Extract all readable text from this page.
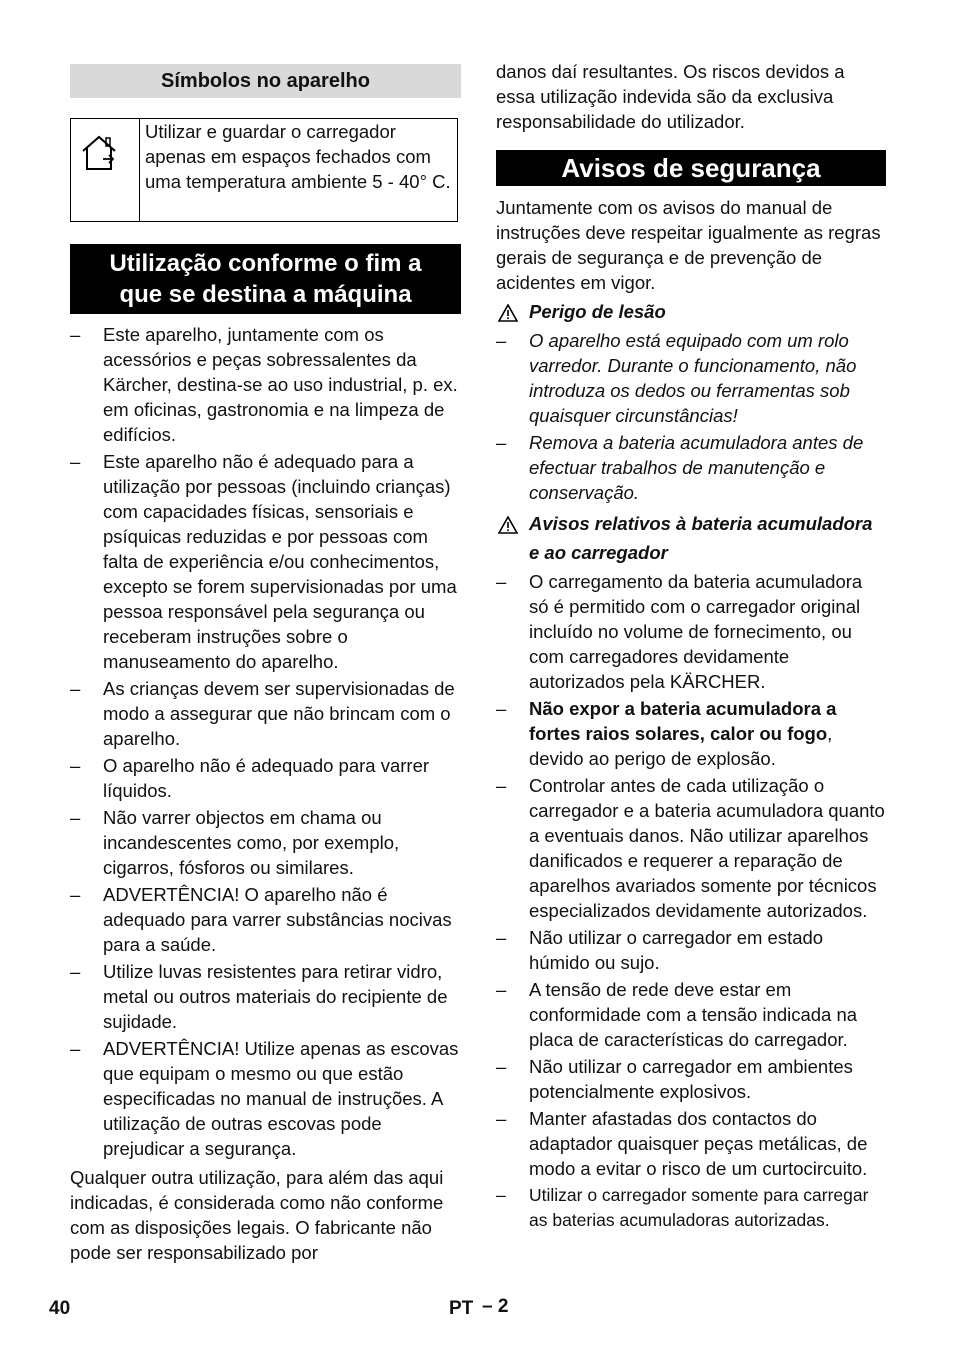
Símbolos no aparelho
Utilizar e guardar o carregador apenas em espaços fechados com uma temperatura ambiente 5 - 40° C.
Utilização conforme o fim a
que se destina a máquina
– Este aparelho, juntamente com os acessórios e peças sobressalentes da Kärcher, destina-se ao uso industrial, p. ex. em oficinas, gastronomia e na limpeza de edifícios.
– Este aparelho não é adequado para a utilização por pessoas (incluindo crianças) com capacidades físicas, sensoriais e psíquicas reduzidas e por pessoas com falta de experiência e/ou conhecimentos, excepto se forem supervisionadas por uma pessoa responsável pela segurança ou receberam instruções sobre o manuseamento do aparelho.
– As crianças devem ser supervisionadas de modo a assegurar que não brincam com o aparelho.
– O aparelho não é adequado para varrer líquidos.
– Não varrer objectos em chama ou incandescentes como, por exemplo, cigarros, fósforos ou similares.
– ADVERTÊNCIA! O aparelho não é adequado para varrer substâncias nocivas para a saúde.
– Utilize luvas resistentes para retirar vidro, metal ou outros materiais do recipiente de sujidade.
– ADVERTÊNCIA! Utilize apenas as escovas que equipam o mesmo ou que estão especificadas no manual de instruções. A utilização de outras escovas pode prejudicar a segurança.
Qualquer outra utilização, para além das aqui indicadas, é considerada como não conforme com as disposições legais. O fabricante não pode ser responsabilizado por
danos daí resultantes. Os riscos devidos a essa utilização indevida são da exclusiva responsabilidade do utilizador.
Avisos de segurança
Juntamente com os avisos do manual de instruções deve respeitar igualmente as regras gerais de segurança e de prevenção de acidentes em vigor.
Perigo de lesão
– O aparelho está equipado com um rolo varredor. Durante o funcionamento, não introduza os dedos ou ferramentas sob quaisquer circunstâncias!
– Remova a bateria acumuladora antes de efectuar trabalhos de manutenção e conservação.
Avisos relativos à bateria acumuladora e ao carregador
– O carregamento da bateria acumuladora só é permitido com o carregador original incluído no volume de fornecimento, ou com carregadores devidamente autorizados pela KÄRCHER.
– Não expor a bateria acumuladora a fortes raios solares, calor ou fogo, devido ao perigo de explosão.
– Controlar antes de cada utilização o carregador e a bateria acumuladora quanto a eventuais danos. Não utilizar aparelhos danificados e requerer a reparação de aparelhos avariados somente por técnicos especializados devidamente autorizados.
– Não utilizar o carregador em estado húmido ou sujo.
– A tensão de rede deve estar em conformidade com a tensão indicada na placa de características do carregador.
– Não utilizar o carregador em ambientes potencialmente explosivos.
– Manter afastadas dos contactos do adaptador quaisquer peças metálicas, de modo a evitar o risco de um curtocircuito.
– Utilizar o carregador somente para carregar as baterias acumuladoras autorizadas.
40	PT – 2
